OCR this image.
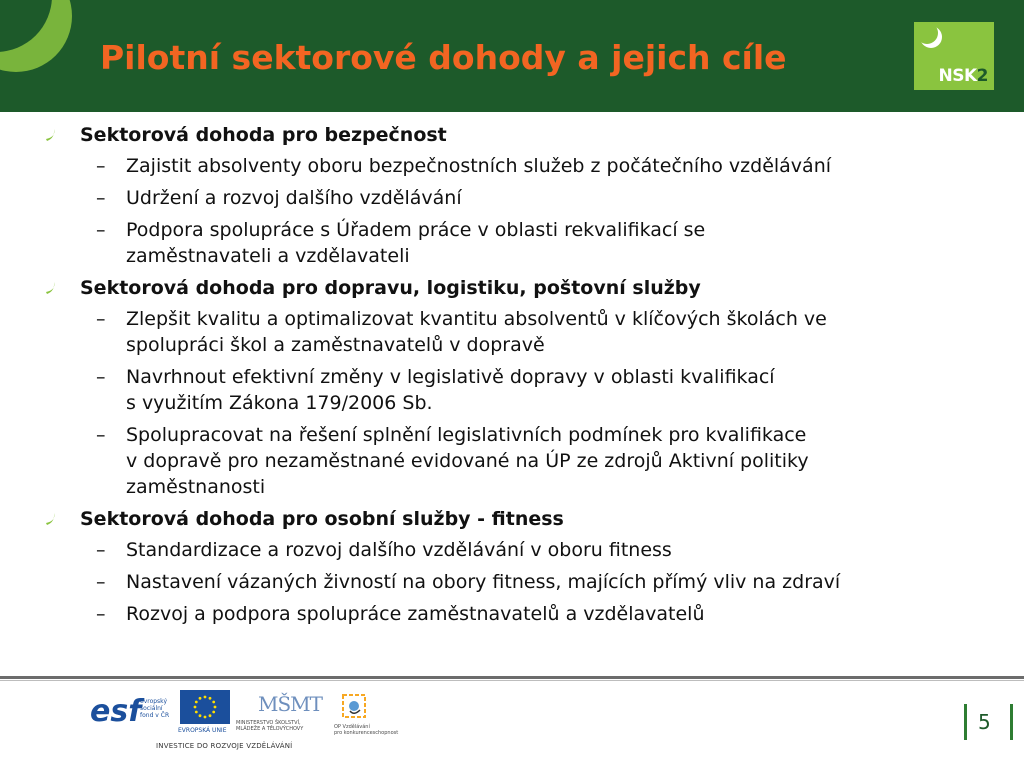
Pilotní sektorové dohody a jejich cíle	NSK2
Sektorová dohoda pro bezpečnost
–	Zajistit absolventy oboru bezpečnostních služeb z počátečního vzdělávání
–	Udržení a rozvoj dalšího vzdělávání
–	Podpora spolupráce s Úřadem práce v oblasti rekvalifikací se
zaměstnavateli a vzdělavateli
Sektorová dohoda pro dopravu, logistiku, poštovní služby
–	Zlepšit kvalitu a optimalizovat kvantitu absolventů v klíčových školách ve
spolupráci škol a zaměstnavatelů v dopravě
–	Navrhnout efektivní změny v legislativě dopravy v oblasti kvalifikací
s využitím Zákona 179/2006 Sb.
–	Spolupracovat na řešení splnění legislativních podmínek pro kvalifikace
v dopravě pro nezaměstnané evidované na ÚP ze zdrojů Aktivní politiky
zaměstnanosti
Sektorová dohoda pro osobní služby - fitness
–	Standardizace a rozvoj dalšího vzdělávání v oboru fitness
–	Nastavení vázaných živností na obory fitness, majících přímý vliv na zdraví
–	Rozvoj a podpora spolupráce zaměstnavatelů a vzdělavatelů
esf
evropský
sociální
fond v ČR
EVROPSKÁ UNIE
MŠMT
MINISTERSTVO ŠKOLSTVÍ,
MLÁDEŽE A TĚLOVÝCHOVY	OP Vzdělávání
pro konkurenceschopnost
INVESTICE DO ROZVOJE VZDĚLÁVÁNÍ
5
